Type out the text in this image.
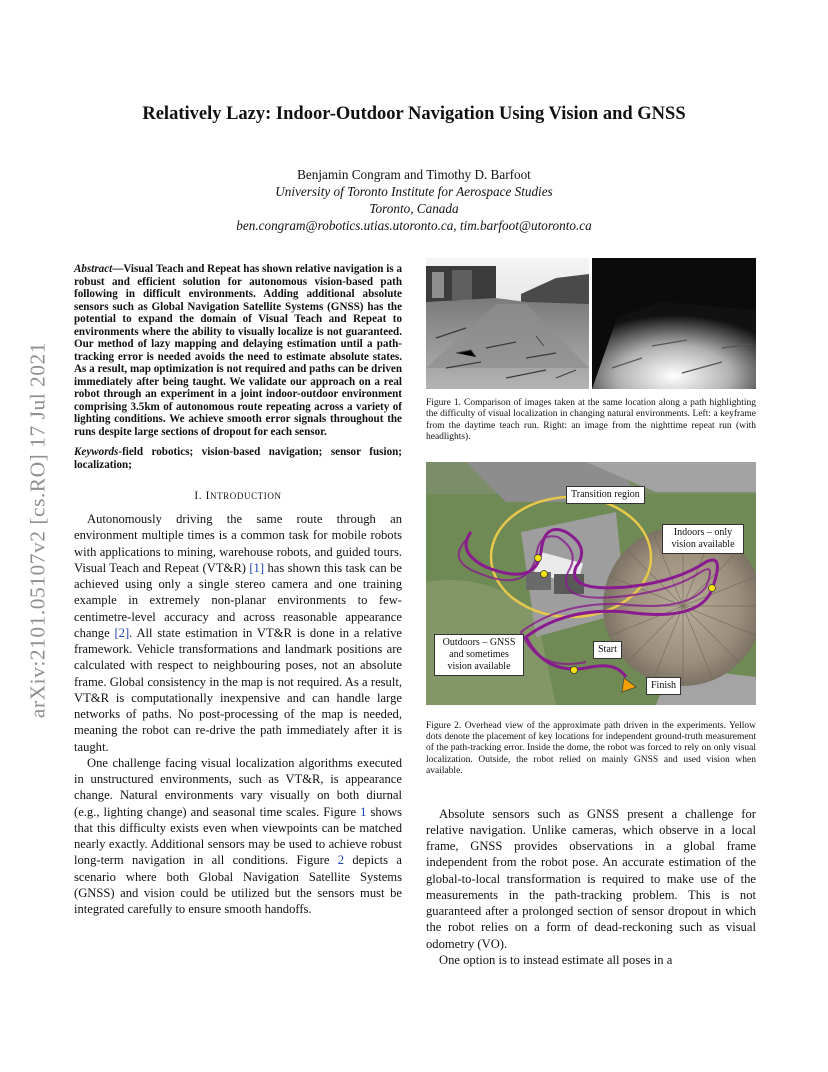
arXiv:2101.05107v2 [cs.RO] 17 Jul 2021
Relatively Lazy: Indoor-Outdoor Navigation Using Vision and GNSS
Benjamin Congram and Timothy D. Barfoot
University of Toronto Institute for Aerospace Studies
Toronto, Canada
ben.congram@robotics.utias.utoronto.ca, tim.barfoot@utoronto.ca

Abstract—Visual Teach and Repeat has shown relative navigation is a robust and efficient solution for autonomous vision-based path following in difficult environments. Adding additional absolute sensors such as Global Navigation Satellite Systems (GNSS) has the potential to expand the domain of Visual Teach and Repeat to environments where the ability to visually localize is not guaranteed. Our method of lazy mapping and delaying estimation until a path-tracking error is needed avoids the need to estimate absolute states. As a result, map optimization is not required and paths can be driven immediately after being taught. We validate our approach on a real robot through an experiment in a joint indoor-outdoor environment comprising 3.5km of autonomous route repeating across a variety of lighting conditions. We achieve smooth error signals throughout the runs despite large sections of dropout for each sensor.

Keywords-field robotics; vision-based navigation; sensor fusion; localization;

I. INTRODUCTION

Autonomously driving the same route through an environment multiple times is a common task for mobile robots with applications to mining, warehouse robots, and guided tours. Visual Teach and Repeat (VT&R) [1] has shown this task can be achieved using only a single stereo camera and one training example in extremely non-planar environments to few-centimetre-level accuracy and across reasonable appearance change [2]. All state estimation in VT&R is done in a relative framework. Vehicle transformations and landmark positions are calculated with respect to neighbouring poses, not an absolute frame. Global consistency in the map is not required. As a result, VT&R is computationally inexpensive and can handle large networks of paths. No post-processing of the map is needed, meaning the robot can re-drive the path immediately after it is taught.

One challenge facing visual localization algorithms executed in unstructured environments, such as VT&R, is appearance change. Natural environments vary visually on both diurnal (e.g., lighting change) and seasonal time scales. Figure 1 shows that this difficulty exists even when viewpoints can be matched nearly exactly. Additional sensors may be used to achieve robust long-term navigation in all conditions. Figure 2 depicts a scenario where both Global Navigation Satellite Systems (GNSS) and vision could be utilized but the sensors must be integrated carefully to ensure smooth handoffs.

Figure 1. Comparison of images taken at the same location along a path highlighting the difficulty of visual localization in changing natural environments. Left: a keyframe from the daytime teach run. Right: an image from the nighttime repeat run (with headlights).

Transition region
Indoors – only vision available
Outdoors – GNSS and sometimes vision available
Start
Finish

Figure 2. Overhead view of the approximate path driven in the experiments. Yellow dots denote the placement of key locations for independent ground-truth measurement of the path-tracking error. Inside the dome, the robot was forced to rely on only visual localization. Outside, the robot relied on mainly GNSS and used vision when available.

Absolute sensors such as GNSS present a challenge for relative navigation. Unlike cameras, which observe in a local frame, GNSS provides observations in a global frame independent from the robot pose. An accurate estimation of the global-to-local transformation is required to make use of the measurements in the path-tracking problem. This is not guaranteed after a prolonged section of sensor dropout in which the robot relies on a form of dead-reckoning such as visual odometry (VO).

One option is to instead estimate all poses in a
